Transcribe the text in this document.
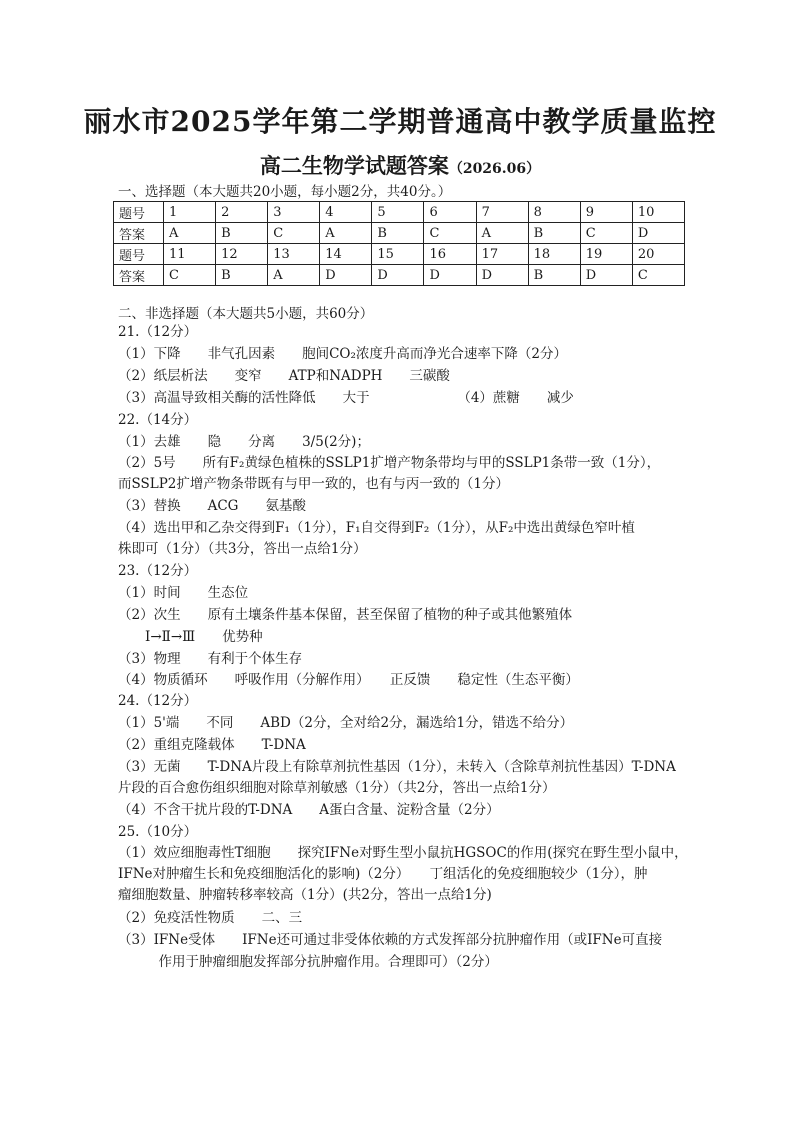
丽水市2025学年第二学期普通高中教学质量监控
高二生物学试题答案（2026.06）
一、选择题（本大题共20小题，每小题2分，共40分。）
题号	1	2	3	4	5	6	7	8	9	10
答案	A	B	C	A	B	C	A	B	C	D
题号	11	12	13	14	15	16	17	18	19	20
答案	C	B	A	D	D	D	D	B	D	C
二、非选择题（本大题共5小题，共60分）
21.（12分）
（1）下降　　非气孔因素　　胞间CO₂浓度升高而净光合速率下降（2分）
（2）纸层析法　　变窄　　ATP和NADPH　　三碳酸
（3）高温导致相关酶的活性降低　　大于　　　　　　　（4）蔗糖　　减少
22.（14分）
（1）去雄　　隐　　分离　　3/5(2分)；
（2）5号　　所有F₂黄绿色植株的SSLP1扩增产物条带均与甲的SSLP1条带一致（1分），
而SSLP2扩增产物条带既有与甲一致的，也有与丙一致的（1分）
（3）替换　　ACG　　氨基酸
（4）选出甲和乙杂交得到F₁（1分），F₁自交得到F₂（1分），从F₂中选出黄绿色窄叶植
株即可（1分）（共3分，答出一点给1分）
23.（12分）
（1）时间　　生态位
（2）次生　　原有土壤条件基本保留，甚至保留了植物的种子或其他繁殖体
　　Ⅰ→Ⅱ→Ⅲ　　优势种
（3）物理　　有利于个体生存
（4）物质循环　　呼吸作用（分解作用）　　正反馈　　稳定性（生态平衡）
24.（12分）
（1）5'端　　不同　　ABD（2分，全对给2分，漏选给1分，错选不给分）
（2）重组克隆载体　　T-DNA
（3）无菌　　T-DNA片段上有除草剂抗性基因（1分），未转入（含除草剂抗性基因）T-DNA
片段的百合愈伤组织细胞对除草剂敏感（1分）（共2分，答出一点给1分）
（4）不含干扰片段的T-DNA　　A蛋白含量、淀粉含量（2分）
25.（10分）
（1）效应细胞毒性T细胞　　探究IFNe对野生型小鼠抗HGSOC的作用(探究在野生型小鼠中，
IFNe对肿瘤生长和免疫细胞活化的影响)（2分）　　丁组活化的免疫细胞较少（1分），肿
瘤细胞数量、肿瘤转移率较高（1分）(共2分，答出一点给1分)
（2）免疫活性物质　　二、三
（3）IFNe受体　　IFNe还可通过非受体依赖的方式发挥部分抗肿瘤作用（或IFNe可直接
　　　作用于肿瘤细胞发挥部分抗肿瘤作用。合理即可）（2分）
